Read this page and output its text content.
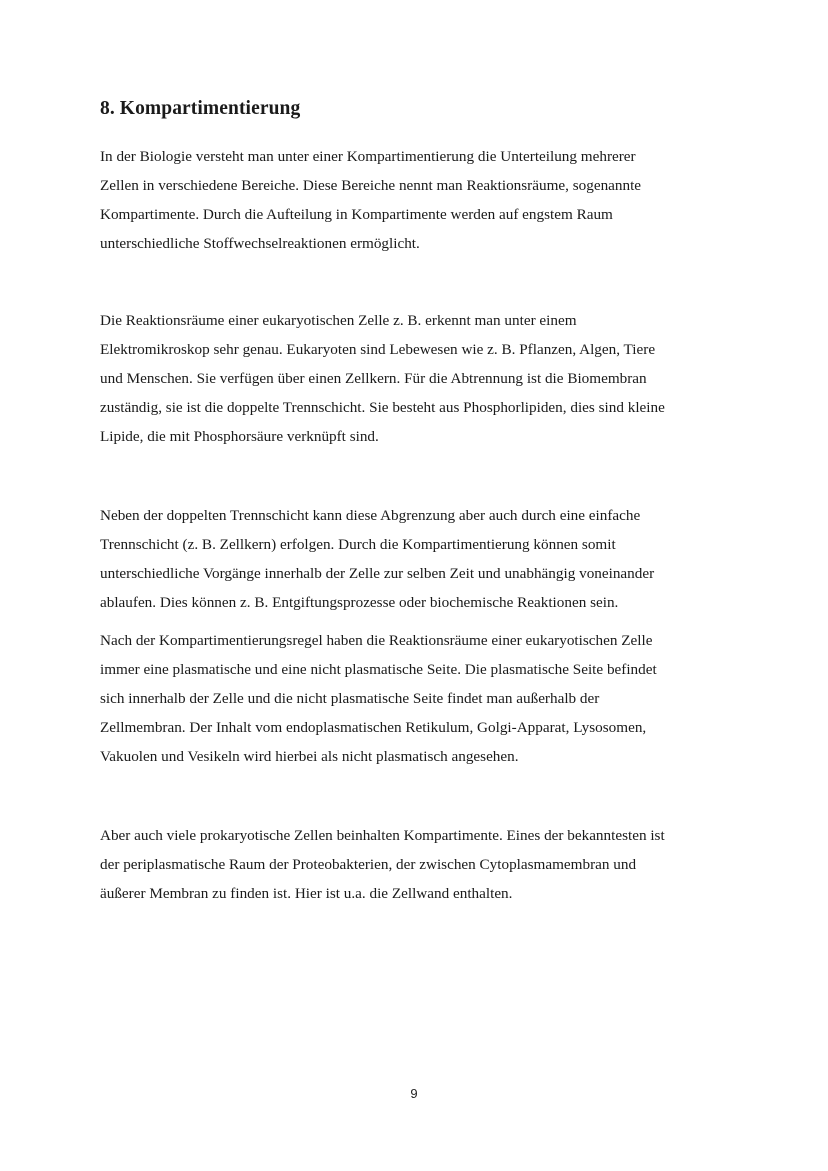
8. Kompartimentierung
In der Biologie versteht man unter einer Kompartimentierung die Unterteilung mehrerer
Zellen in verschiedene Bereiche. Diese Bereiche nennt man Reaktionsräume, sogenannte
Kompartimente. Durch die Aufteilung in Kompartimente werden auf engstem Raum
unterschiedliche Stoffwechselreaktionen ermöglicht.
Die Reaktionsräume einer eukaryotischen Zelle z. B. erkennt man unter einem
Elektromikroskop sehr genau. Eukaryoten sind Lebewesen wie z. B. Pflanzen, Algen, Tiere
und Menschen. Sie verfügen über einen Zellkern. Für die Abtrennung ist die Biomembran
zuständig, sie ist die doppelte Trennschicht. Sie besteht aus Phosphorlipiden, dies sind kleine
Lipide, die mit Phosphorsäure verknüpft sind.
Neben der doppelten Trennschicht kann diese Abgrenzung aber auch durch eine einfache
Trennschicht (z. B. Zellkern) erfolgen. Durch die Kompartimentierung können somit
unterschiedliche Vorgänge innerhalb der Zelle zur selben Zeit und unabhängig voneinander
ablaufen. Dies können z. B. Entgiftungsprozesse oder biochemische Reaktionen sein.
Nach der Kompartimentierungsregel haben die Reaktionsräume einer eukaryotischen Zelle
immer eine plasmatische und eine nicht plasmatische Seite. Die plasmatische Seite befindet
sich innerhalb der Zelle und die nicht plasmatische Seite findet man außerhalb der
Zellmembran. Der Inhalt vom endoplasmatischen Retikulum, Golgi-Apparat, Lysosomen,
Vakuolen und Vesikeln wird hierbei als nicht plasmatisch angesehen.
Aber auch viele prokaryotische Zellen beinhalten Kompartimente. Eines der bekanntesten ist
der periplasmatische Raum der Proteobakterien, der zwischen Cytoplasmamembran und
äußerer Membran zu finden ist. Hier ist u.a. die Zellwand enthalten.
9
